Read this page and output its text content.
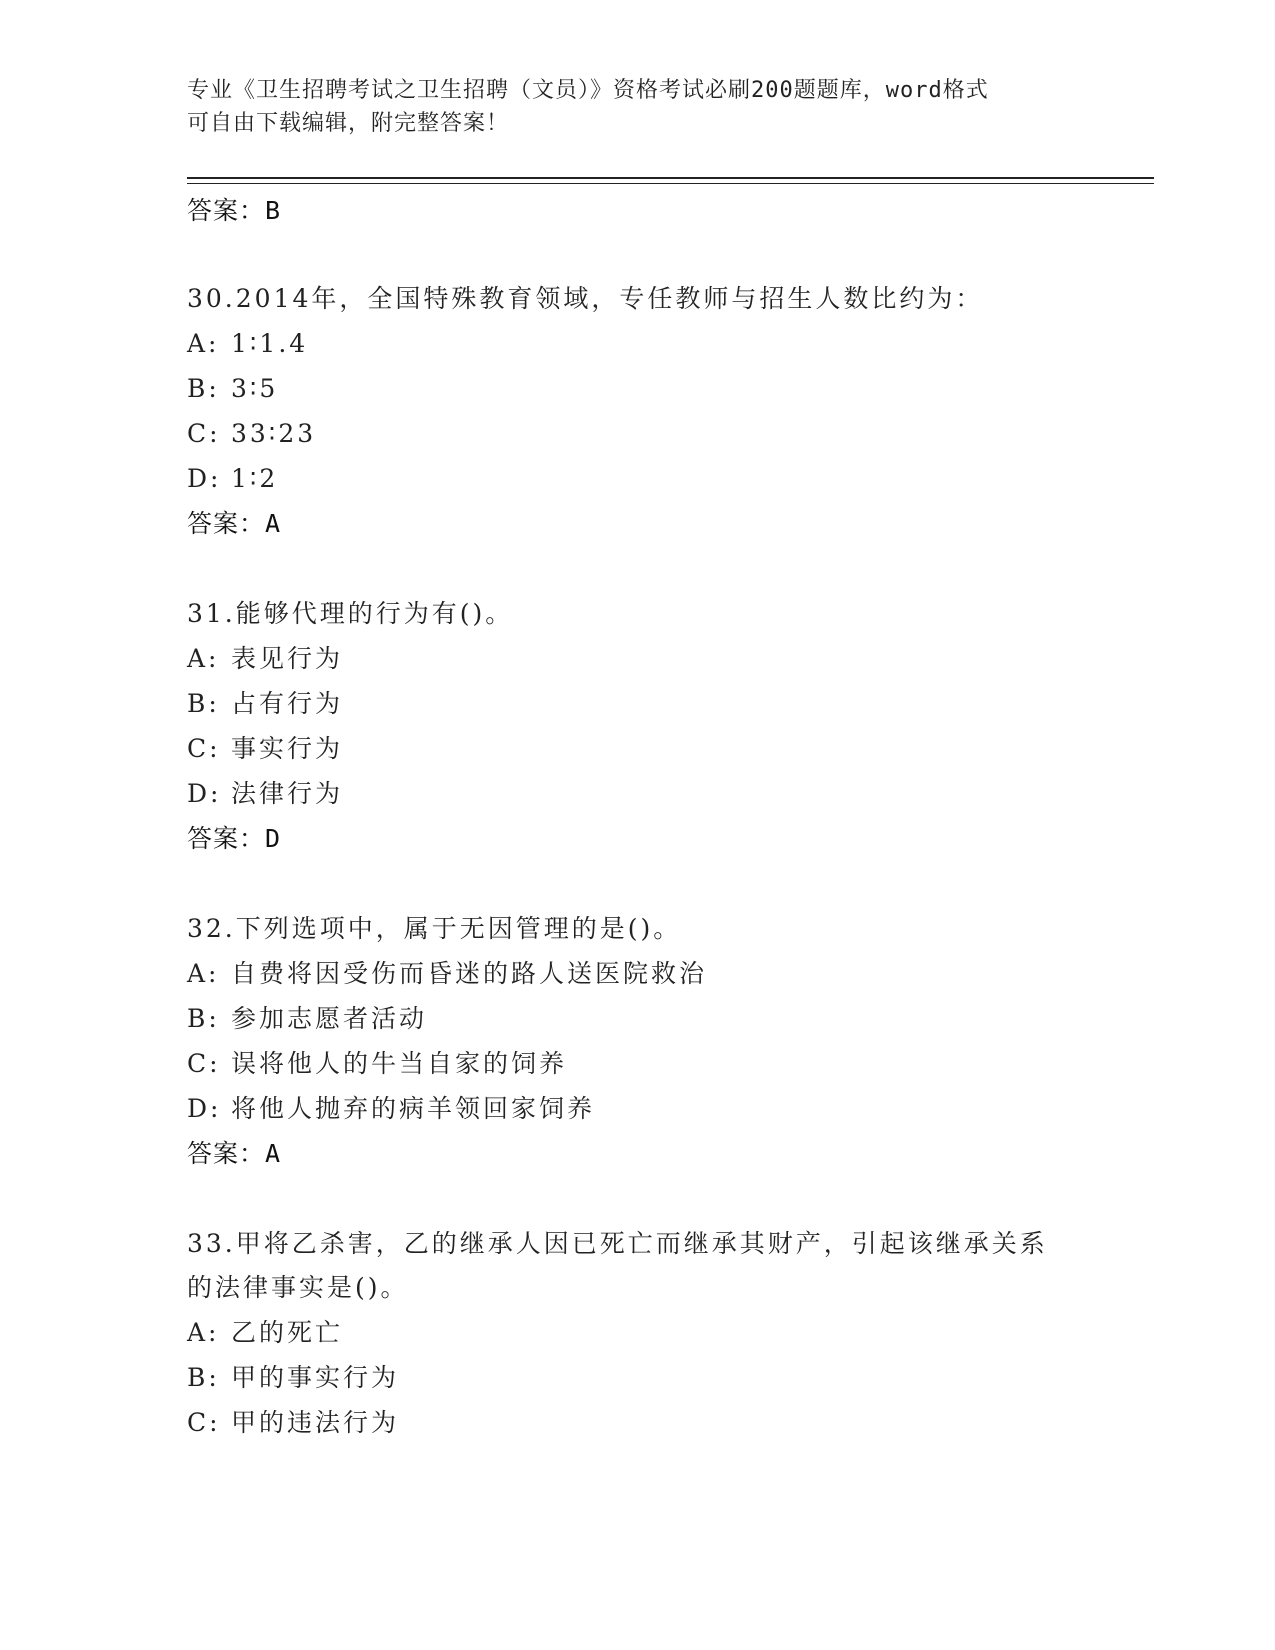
专业《卫生招聘考试之卫生招聘（文员）》资格考试必刷200题题库，word格式
可自由下载编辑，附完整答案！
答案：B
30.2014年，全国特殊教育领域，专任教师与招生人数比约为：
A: 1∶1.4
B: 3∶5
C: 33∶23
D: 1∶2
答案：A
31.能够代理的行为有()。
A: 表见行为
B: 占有行为
C: 事实行为
D: 法律行为
答案：D
32.下列选项中，属于无因管理的是()。
A: 自费将因受伤而昏迷的路人送医院救治
B: 参加志愿者活动
C: 误将他人的牛当自家的饲养
D: 将他人抛弃的病羊领回家饲养
答案：A
33.甲将乙杀害，乙的继承人因已死亡而继承其财产，引起该继承关系
的法律事实是()。
A: 乙的死亡
B: 甲的事实行为
C: 甲的违法行为
